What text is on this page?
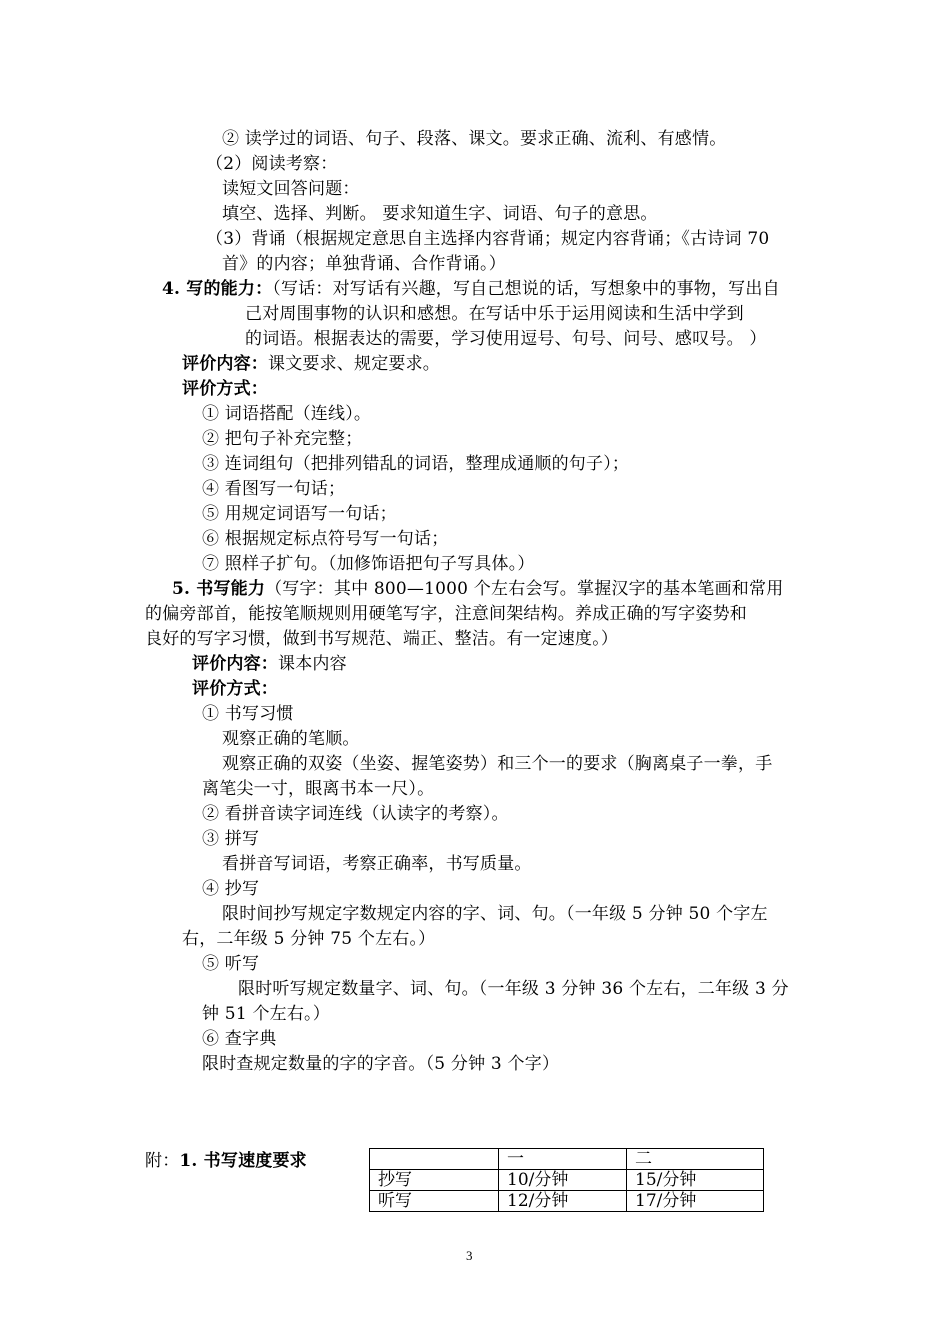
② 读学过的词语、句子、段落、课文。要求正确、流利、有感情。
（2）阅读考察：
读短文回答问题：
填空、选择、判断。 要求知道生字、词语、句子的意思。
（3）背诵（根据规定意思自主选择内容背诵；规定内容背诵；《古诗词 70
首》的内容；单独背诵、合作背诵。）
4. 写的能力：（写话：对写话有兴趣，写自己想说的话，写想象中的事物，写出自
己对周围事物的认识和感想。在写话中乐于运用阅读和生活中学到
的词语。根据表达的需要，学习使用逗号、句号、问号、感叹号。 ）
评价内容：课文要求、规定要求。
评价方式：
① 词语搭配（连线）。
② 把句子补充完整；
③ 连词组句（把排列错乱的词语，整理成通顺的句子）；
④ 看图写一句话；
⑤ 用规定词语写一句话；
⑥ 根据规定标点符号写一句话；
⑦ 照样子扩句。（加修饰语把句子写具体。）
5. 书写能力（写字：其中 800—1000 个左右会写。掌握汉字的基本笔画和常用
的偏旁部首，能按笔顺规则用硬笔写字，注意间架结构。养成正确的写字姿势和
良好的写字习惯，做到书写规范、端正、整洁。有一定速度。）
评价内容：课本内容
评价方式：
① 书写习惯
观察正确的笔顺。
观察正确的双姿（坐姿、握笔姿势）和三个一的要求（胸离桌子一拳，手
离笔尖一寸，眼离书本一尺）。
② 看拼音读字词连线（认读字的考察）。
③ 拼写
看拼音写词语，考察正确率，书写质量。
④ 抄写
限时间抄写规定字数规定内容的字、词、句。（一年级 5 分钟 50 个字左
右，二年级 5 分钟 75 个左右。）
⑤ 听写
限时听写规定数量字、词、句。（一年级 3 分钟 36 个左右，二年级 3 分
钟 51 个左右。）
⑥ 查字典
限时查规定数量的字的字音。（5 分钟 3 个字）
附：1. 书写速度要求
		一	二
抄写	10/分钟	15/分钟
听写	12/分钟	17/分钟
3
